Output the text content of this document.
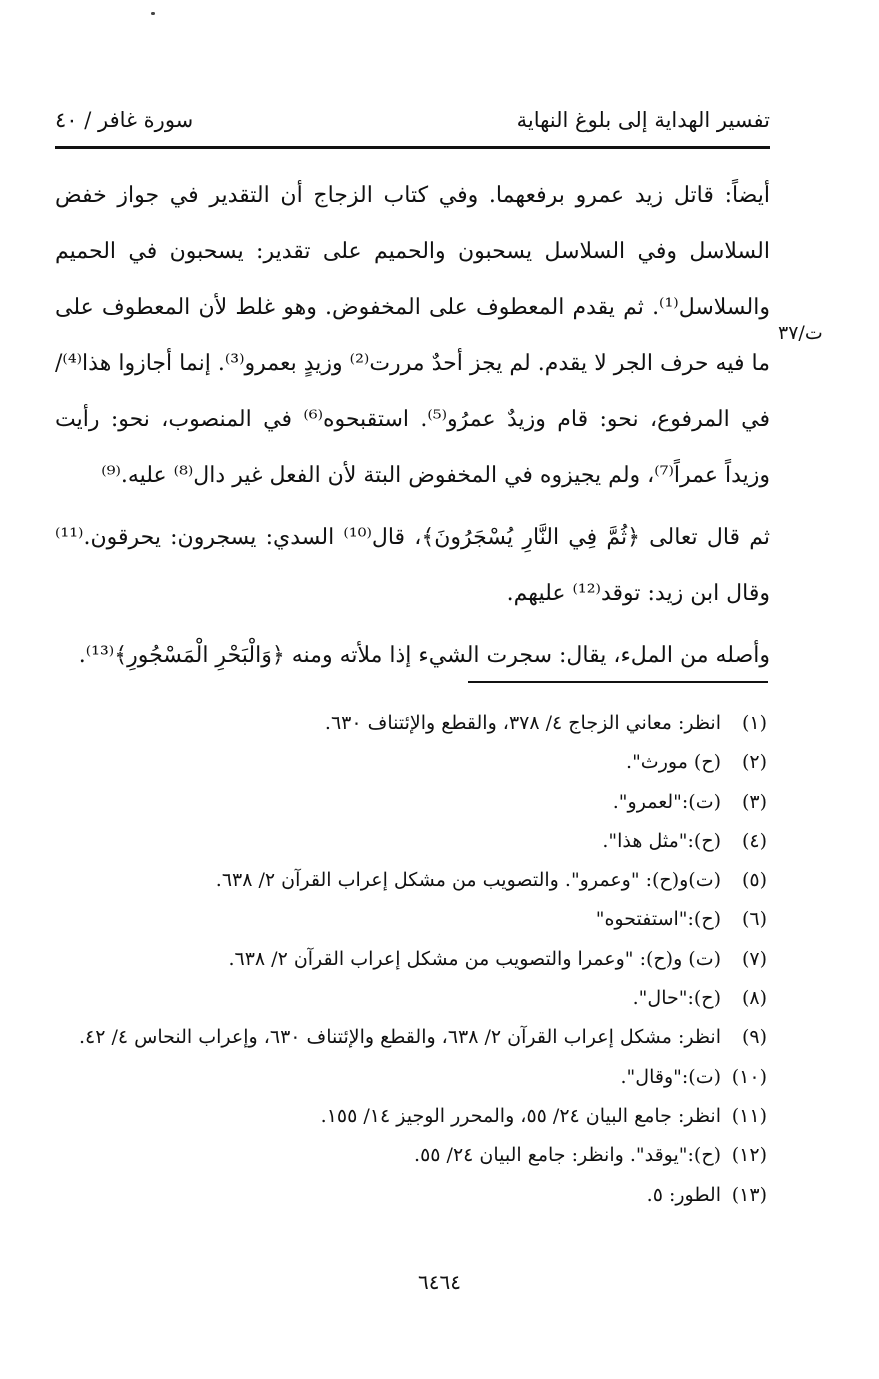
تفسير الهداية إلى بلوغ النهاية
سورة غافر / ٤٠
ت/٣٧

أيضاً: قاتل زيد عمرو برفعهما. وفي كتاب الزجاج أن التقدير في جواز خفض السلاسل وفي السلاسل يسحبون والحميم على تقدير: يسحبون في الحميم والسلاسل⁽¹⁾. ثم يقدم المعطوف على المخفوض. وهو غلط لأن المعطوف على ما فيه حرف الجر لا يقدم. لم يجز أحدٌ مررت⁽²⁾ وزيدٍ بعمرو⁽³⁾. إنما أجازوا هذا⁽⁴⁾/ في المرفوع، نحو: قام وزيدٌ عمرُو⁽⁵⁾. استقبحوه⁽⁶⁾ في المنصوب، نحو: رأيت وزيداً عمراً⁽⁷⁾، ولم يجيزوه في المخفوض البتة لأن الفعل غير دال⁽⁸⁾ عليه.⁽⁹⁾

ثم قال تعالى ﴿ثُمَّ فِي النَّارِ يُسْجَرُونَ﴾، قال⁽¹⁰⁾ السدي: يسجرون: يحرقون.⁽¹¹⁾ وقال ابن زيد: توقد⁽¹²⁾ عليهم.

وأصله من الملء، يقال: سجرت الشيء إذا ملأته ومنه ﴿وَالْبَحْرِ الْمَسْجُورِ﴾⁽¹³⁾.

(١)انظر: معاني الزجاج ٤/ ٣٧٨، والقطع والإئتناف ٦٣٠.
(٢)(ح) مورث".
(٣)(ت):"لعمرو".
(٤)(ح):"مثل هذا".
(٥)(ت)و(ح): "وعمرو". والتصويب من مشكل إعراب القرآن ٢/ ٦٣٨.
(٦)(ح):"استفتحوه"
(٧)(ت) و(ح): "وعمرا والتصويب من مشكل إعراب القرآن ٢/ ٦٣٨.
(٨)(ح):"حال".
(٩)انظر: مشكل إعراب القرآن ٢/ ٦٣٨، والقطع والإئتناف ٦٣٠، وإعراب النحاس ٤/ ٤٢.
(١٠)(ت):"وقال".
(١١)انظر: جامع البيان ٢٤/ ٥٥، والمحرر الوجيز ١٤/ ١٥٥.
(١٢)(ح):"يوقد". وانظر: جامع البيان ٢٤/ ٥٥.
(١٣)الطور: ٥.
٦٤٦٤
